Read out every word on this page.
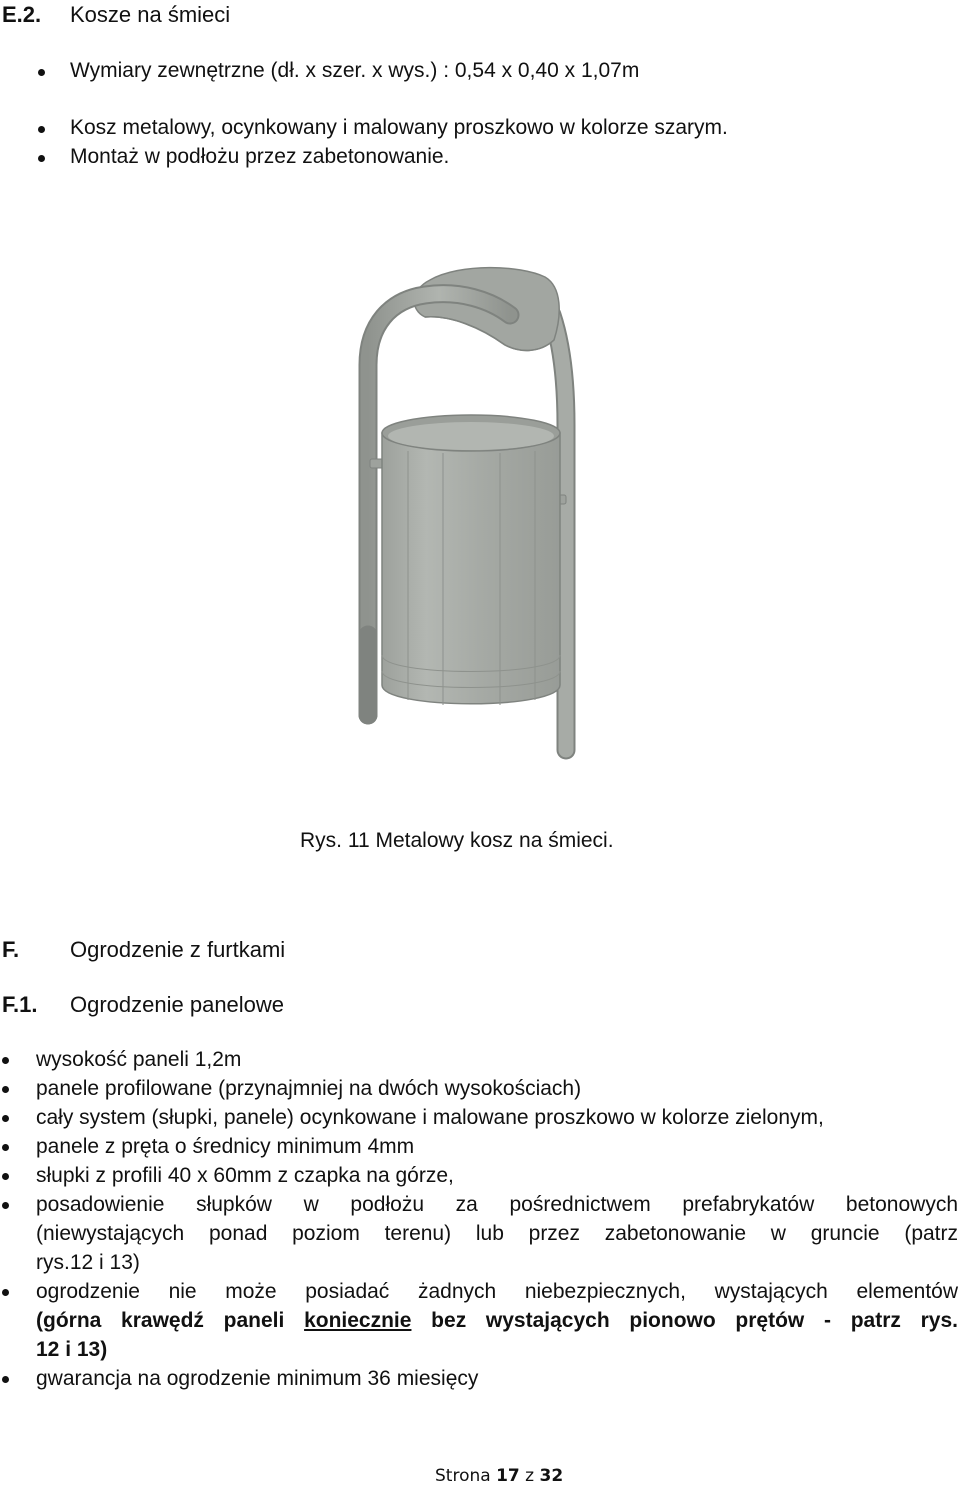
E.2. Kosze na śmieci
Wymiary zewnętrzne (dł. x szer. x wys.) : 0,54 x 0,40 x 1,07m
Kosz metalowy, ocynkowany i malowany proszkowo w kolorze szarym.
Montaż w podłożu przez zabetonowanie.
Rys. 11 Metalowy kosz na śmieci.
F. Ogrodzenie z furtkami
F.1. Ogrodzenie panelowe
wysokość paneli 1,2m
panele profilowane (przynajmniej na dwóch wysokościach)
cały system (słupki, panele) ocynkowane i malowane proszkowo w kolorze zielonym,
panele z pręta o średnicy minimum 4mm
słupki z profili 40 x 60mm z czapka na górze,
posadowienie słupków w podłożu za pośrednictwem prefabrykatów betonowych
(niewystających ponad poziom terenu) lub przez zabetonowanie w gruncie (patrz
rys.12 i 13)
ogrodzenie nie może posiadać żadnych niebezpiecznych, wystających elementów
(górna krawędź paneli koniecznie bez wystających pionowo prętów - patrz rys.
12 i 13)
gwarancja na ogrodzenie minimum 36 miesięcy
Strona 17 z 32
